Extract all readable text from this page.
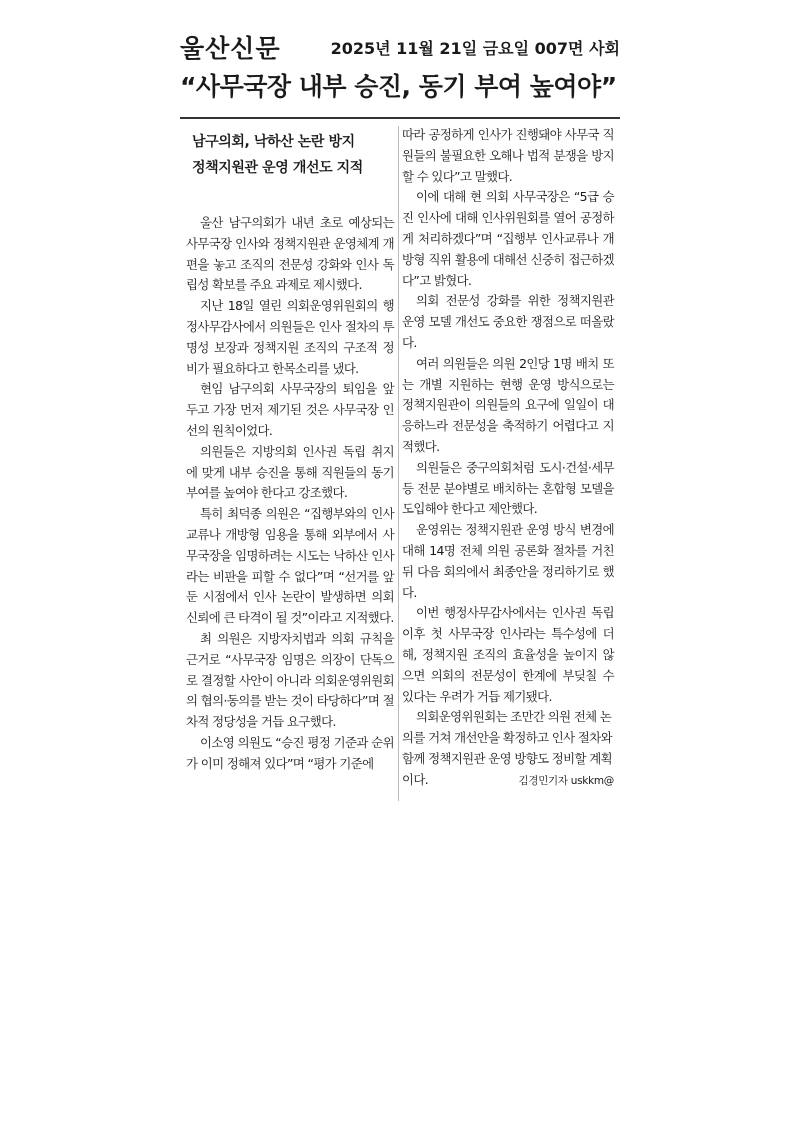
울산신문	2025년 11월 21일 금요일 007면 사회
“사무국장 내부 승진, 동기 부여 높여야”
남구의회, 낙하산 논란 방지
정책지원관 운영 개선도 지적

울산 남구의회가 내년 초로 예상되는 사무국장 인사와 정책지원관 운영체계 개편을 놓고 조직의 전문성 강화와 인사 독립성 확보를 주요 과제로 제시했다.

지난 18일 열린 의회운영위원회의 행정사무감사에서 의원들은 인사 절차의 투명성 보장과 정책지원 조직의 구조적 정비가 필요하다고 한목소리를 냈다.

현임 남구의회 사무국장의 퇴임을 앞두고 가장 먼저 제기된 것은 사무국장 인선의 원칙이었다.

의원들은 지방의회 인사권 독립 취지에 맞게 내부 승진을 통해 직원들의 동기부여를 높여야 한다고 강조했다.

특히 최덕종 의원은 “집행부와의 인사 교류나 개방형 임용을 통해 외부에서 사무국장을 임명하려는 시도는 낙하산 인사라는 비판을 피할 수 없다”며 “선거를 앞둔 시점에서 인사 논란이 발생하면 의회 신뢰에 큰 타격이 될 것”이라고 지적했다.

최 의원은 지방자치법과 의회 규칙을 근거로 “사무국장 임명은 의장이 단독으로 결정할 사안이 아니라 의회운영위원회의 협의·동의를 받는 것이 타당하다”며 절차적 정당성을 거듭 요구했다.

이소영 의원도 “승진 평정 기준과 순위가 이미 정해져 있다”며 “평가 기준에

따라 공정하게 인사가 진행돼야 사무국 직원들의 불필요한 오해나 법적 분쟁을 방지할 수 있다”고 말했다.

이에 대해 현 의회 사무국장은 “5급 승진 인사에 대해 인사위원회를 열어 공정하게 처리하겠다”며 “집행부 인사교류나 개방형 직위 활용에 대해선 신중히 접근하겠다”고 밝혔다.

의회 전문성 강화를 위한 정책지원관 운영 모델 개선도 중요한 쟁점으로 떠올랐다.

여러 의원들은 의원 2인당 1명 배치 또는 개별 지원하는 현행 운영 방식으로는 정책지원관이 의원들의 요구에 일일이 대응하느라 전문성을 축적하기 어렵다고 지적했다.

의원들은 중구의회처럼 도시·건설·세무 등 전문 분야별로 배치하는 혼합형 모델을 도입해야 한다고 제안했다.

운영위는 정책지원관 운영 방식 변경에 대해 14명 전체 의원 공론화 절차를 거친 뒤 다음 회의에서 최종안을 정리하기로 했다.

이번 행정사무감사에서는 인사권 독립 이후 첫 사무국장 인사라는 특수성에 더해, 정책지원 조직의 효율성을 높이지 않으면 의회의 전문성이 한계에 부딪칠 수 있다는 우려가 거듭 제기됐다.

의회운영위원회는 조만간 의원 전체 논의를 거쳐 개선안을 확정하고 인사 절차와 함께 정책지원관 운영 방향도 정비할 계획이다.	김경민기자 uskkm@
